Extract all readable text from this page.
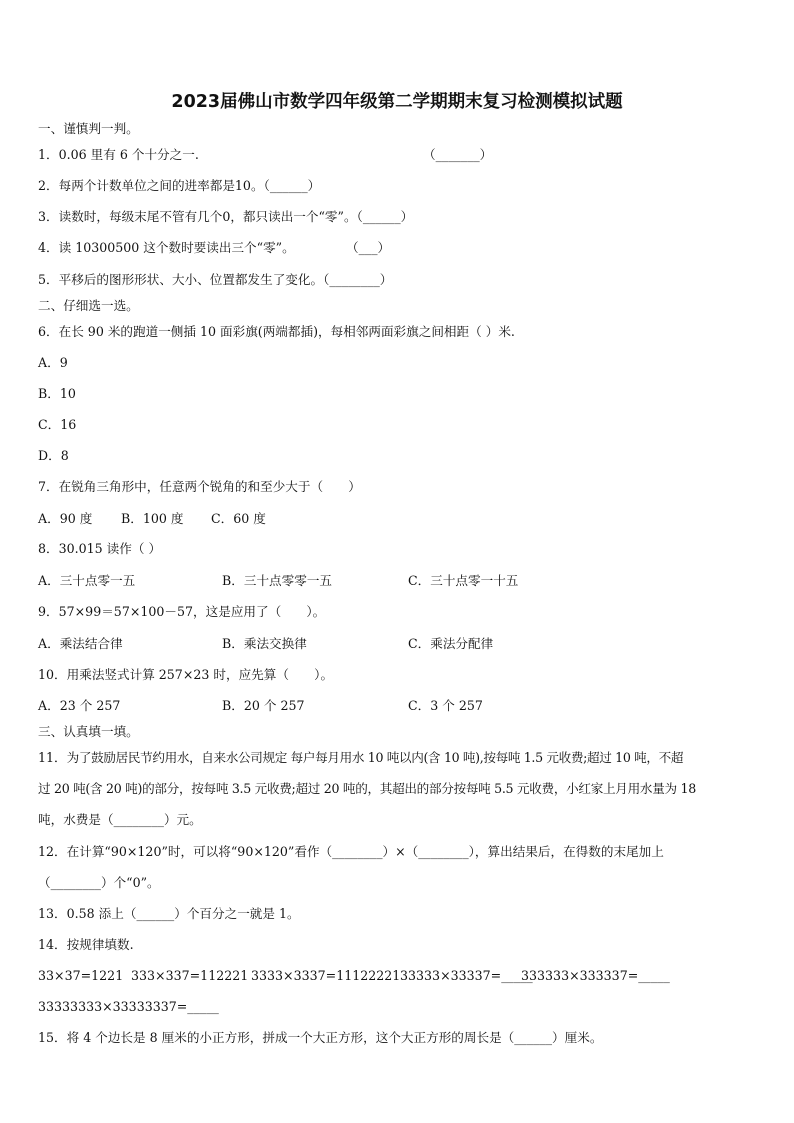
2023届佛山市数学四年级第二学期期末复习检测模拟试题
一、谨慎判一判。
1．0.06 里有 6 个十分之一.	（_______）
2．每两个计数单位之间的进率都是10。（______）
3．读数时，每级末尾不管有几个0，都只读出一个“零”。（______）
4．读 10300500 这个数时要读出三个“零”。	（___）
5．平移后的图形形状、大小、位置都发生了变化。（________）
二、仔细选一选。
6．在长 90 米的跑道一侧插 10 面彩旗(两端都插)，每相邻两面彩旗之间相距（ ）米.
A．9
B．10
C．16
D．8
7．在锐角三角形中，任意两个锐角的和至少大于（　　）
A．90 度 B．100 度 C．60 度
8．30.015 读作（ ）
A．三十点零一五	B．三十点零零一五	C．三十点零一十五
9．57×99＝57×100－57，这是应用了（　　）。
A．乘法结合律	B．乘法交换律	C．乘法分配律
10．用乘法竖式计算 257×23 时，应先算（　　）。
A．23 个 257	B．20 个 257	C．3 个 257
三、认真填一填。
11．为了鼓励居民节约用水，自来水公司规定 每户每月用水 10 吨以内(含 10 吨),按每吨 1.5 元收费;超过 10 吨，不超
过 20 吨(含 20 吨)的部分，按每吨 3.5 元收费;超过 20 吨的，其超出的部分按每吨 5.5 元收费，小红家上月用水量为 18
吨，水费是（________）元。
12．在计算“90×120”时，可以将“90×120”看作（________）×（________），算出结果后，在得数的末尾加上
（________）个“0”。
13．0.58 添上（______）个百分之一就是 1。
14．按规律填数.
33×37=1221 333×337=112221 3333×3337=11122221 33333×33337=_____
333333×333337=_____
33333333×33333337=_____
15．将 4 个边长是 8 厘米的小正方形，拼成一个大正方形，这个大正方形的周长是（______）厘米。
